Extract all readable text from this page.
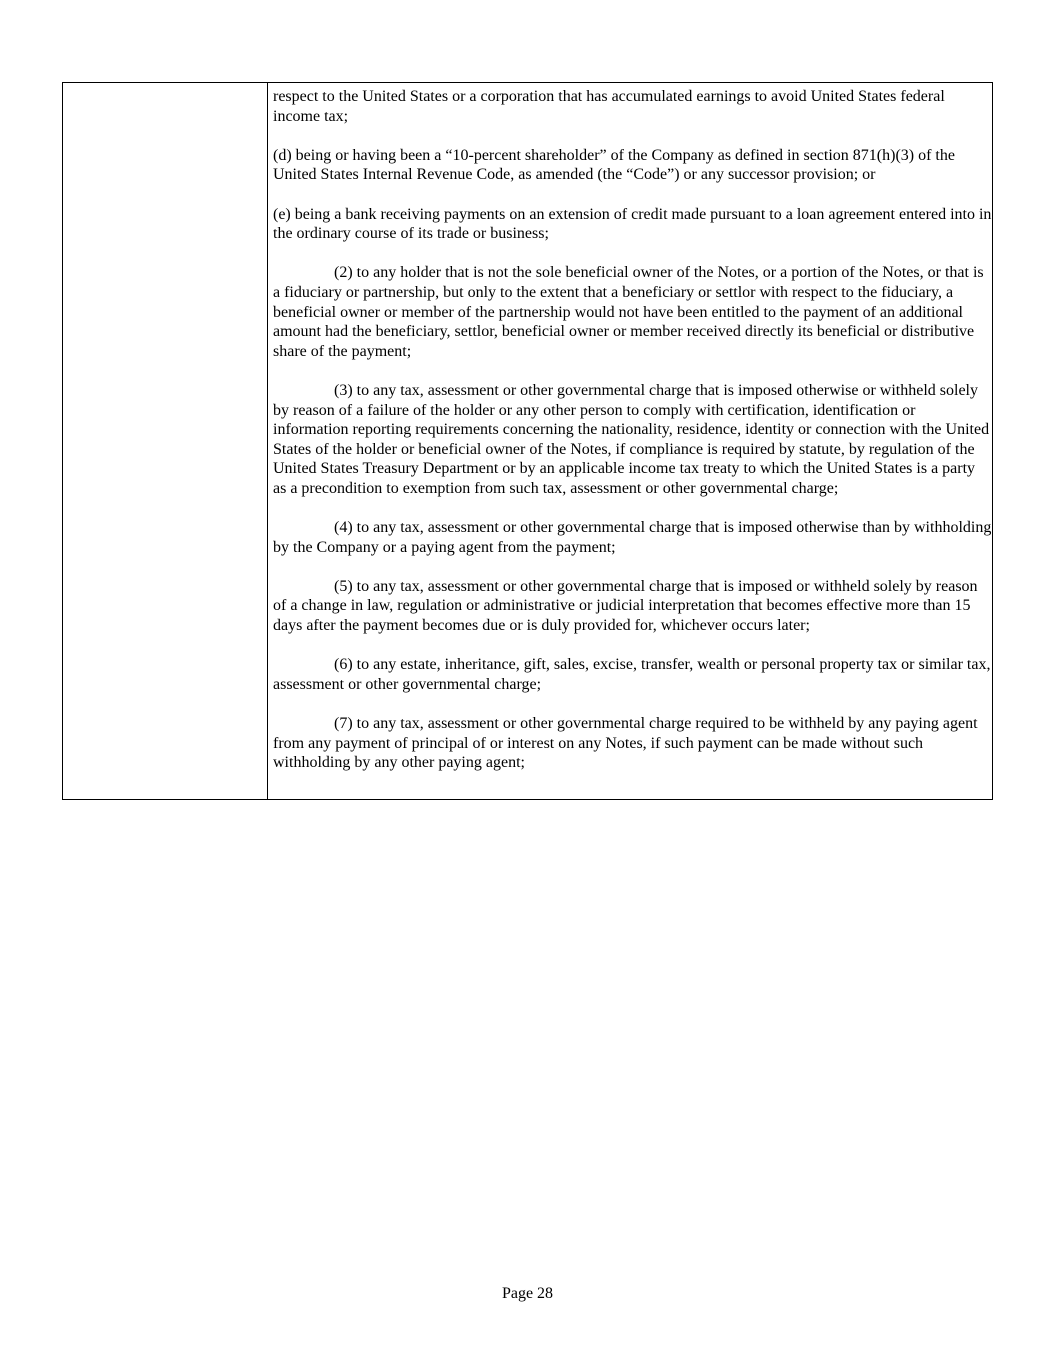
respect to the United States or a corporation that has accumulated earnings to avoid United States federal income tax;

(d) being or having been a “10-percent shareholder” of the Company as defined in section 871(h)(3) of the United States Internal Revenue Code, as amended (the “Code”) or any successor provision; or

(e) being a bank receiving payments on an extension of credit made pursuant to a loan agreement entered into in the ordinary course of its trade or business;

(2) to any holder that is not the sole beneficial owner of the Notes, or a portion of the Notes, or that is a fiduciary or partnership, but only to the extent that a beneficiary or settlor with respect to the fiduciary, a beneficial owner or member of the partnership would not have been entitled to the payment of an additional amount had the beneficiary, settlor, beneficial owner or member received directly its beneficial or distributive share of the payment;

(3) to any tax, assessment or other governmental charge that is imposed otherwise or withheld solely by reason of a failure of the holder or any other person to comply with certification, identification or information reporting requirements concerning the nationality, residence, identity or connection with the United States of the holder or beneficial owner of the Notes, if compliance is required by statute, by regulation of the United States Treasury Department or by an applicable income tax treaty to which the United States is a party as a precondition to exemption from such tax, assessment or other governmental charge;

(4) to any tax, assessment or other governmental charge that is imposed otherwise than by withholding by the Company or a paying agent from the payment;

(5) to any tax, assessment or other governmental charge that is imposed or withheld solely by reason of a change in law, regulation or administrative or judicial interpretation that becomes effective more than 15 days after the payment becomes due or is duly provided for, whichever occurs later;

(6) to any estate, inheritance, gift, sales, excise, transfer, wealth or personal property tax or similar tax, assessment or other governmental charge;

(7) to any tax, assessment or other governmental charge required to be withheld by any paying agent from any payment of principal of or interest on any Notes, if such payment can be made without such withholding by any other paying agent;

Page 28
